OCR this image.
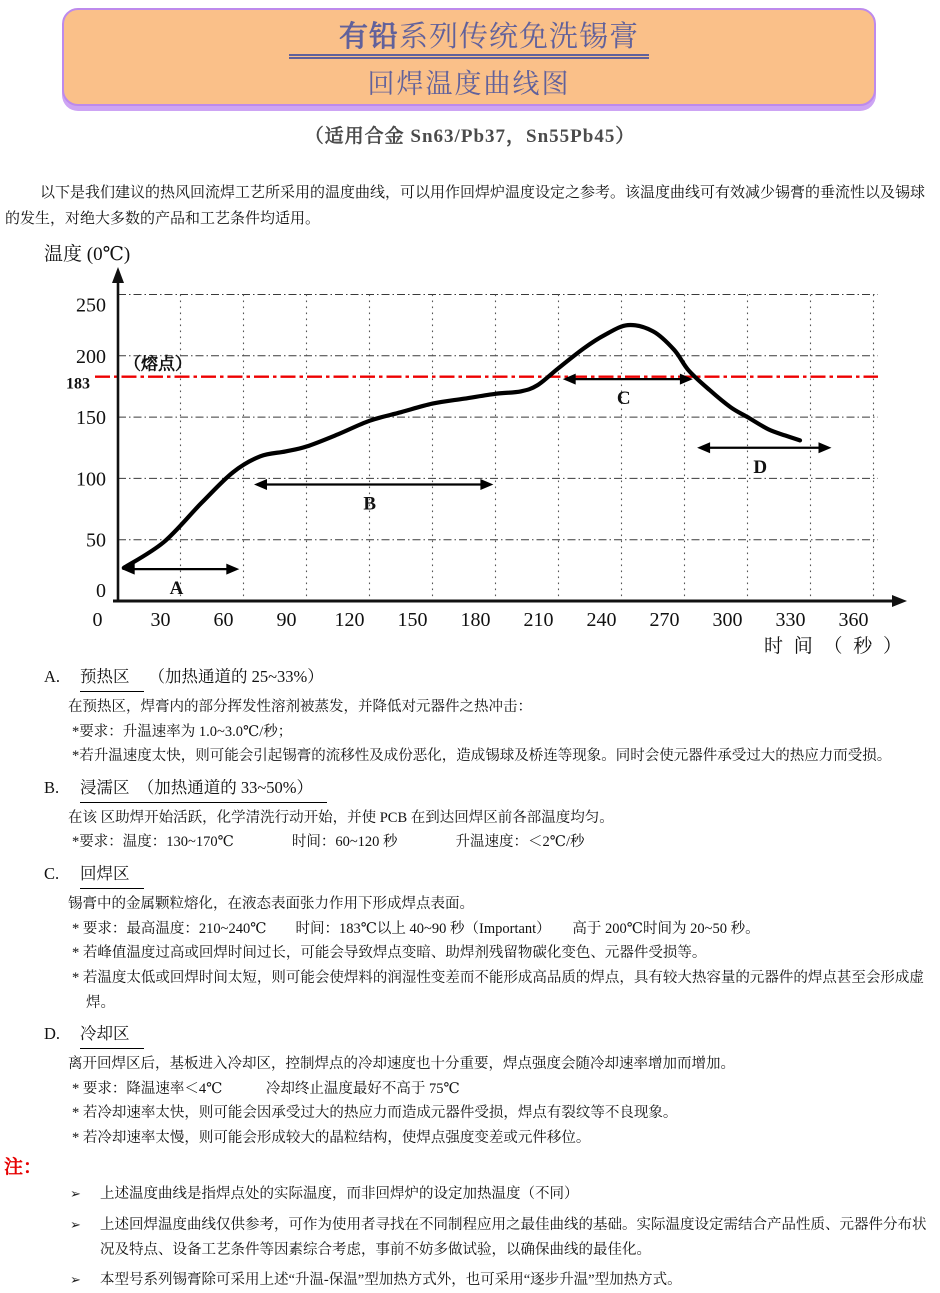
有铅系列传统免洗锡膏
回焊温度曲线图
（适用合金 Sn63/Pb37，Sn55Pb45）

以下是我们建议的热风回流焊工艺所采用的温度曲线，可以用作回焊炉温度设定之参考。该温度曲线可有效减少锡膏的垂流性以及锡球的发生，对绝大多数的产品和工艺条件均适用。

（熔点）
183
A
B
C
D
0
50
100
150
200
250
0 30 60 90 120 150 180 210 240 270 300 330 360
温度 (0℃)
时 间 （ 秒 ）
A.	预热区	（加热通道的 25~33%）

在预热区，焊膏内的部分挥发性溶剂被蒸发，并降低对元器件之热冲击：

*要求：升温速率为 1.0~3.0℃/秒；

*若升温速度太快，则可能会引起锡膏的流移性及成份恶化，造成锡球及桥连等现象。同时会使元器件承受过大的热应力而受损。

B.	浸濡区　（加热通道的 33~50%）

在该 区助焊开始活跃，化学清洗行动开始，并使 PCB 在到达回焊区前各部温度均匀。

*要求：温度：130~170℃　　　　时间：60~120 秒　　　　升温速度：＜2℃/秒

C.	回焊区

锡膏中的金属颗粒熔化，在液态表面张力作用下形成焊点表面。

* 要求：最高温度：210~240℃　　时间：183℃以上 40~90 秒（Important）　　高于 200℃时间为 20~50 秒。

* 若峰值温度过高或回焊时间过长，可能会导致焊点变暗、助焊剂残留物碳化变色、元器件受损等。

* 若温度太低或回焊时间太短，则可能会使焊料的润湿性变差而不能形成高品质的焊点，具有较大热容量的元器件的焊点甚至会形成虚焊。

D.	冷却区

离开回焊区后，基板进入冷却区，控制焊点的冷却速度也十分重要，焊点强度会随冷却速率增加而增加。

* 要求：降温速率＜4℃　　　冷却终止温度最好不高于 75℃

* 若冷却速率太快，则可能会因承受过大的热应力而造成元器件受损，焊点有裂纹等不良现象。

* 若冷却速率太慢，则可能会形成较大的晶粒结构，使焊点强度变差或元件移位。

注：

➢ 上述温度曲线是指焊点处的实际温度，而非回焊炉的设定加热温度（不同）

➢ 上述回焊温度曲线仅供参考，可作为使用者寻找在不同制程应用之最佳曲线的基础。实际温度设定需结合产品性质、元器件分布状况及特点、设备工艺条件等因素综合考虑，事前不妨多做试验，以确保曲线的最佳化。

➢ 本型号系列锡膏除可采用上述“升温-保温”型加热方式外，也可采用“逐步升温”型加热方式。
